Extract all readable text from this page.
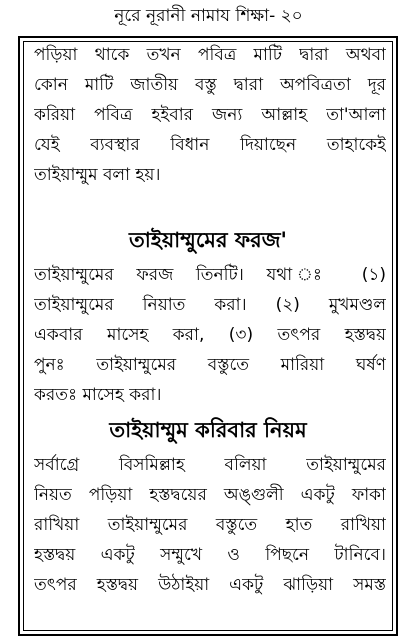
নূরে নূরানী নামায শিক্ষা- ২০
পড়িয়া থাকে তখন পবিত্র মাটি দ্বারা অথবা
কোন মাটি জাতীয় বস্তু দ্বারা অপবিত্রতা দূর
করিয়া পবিত্র হইবার জন্য আল্লাহ তা'আলা
যেই ব্যবস্থার বিধান দিয়াছেন তাহাকেই
তাইয়াম্মুম বলা হয়।
তাইয়াম্মুমের ফরজ'
তাইয়াম্মুমের ফরজ তিনটি। যথা ঃ (১)
তাইয়াম্মুমের নিয়াত করা। (২) মুখমণ্ডল
একবার মাসেহ করা, (৩) তৎপর হস্তদ্বয়
পুনঃ তাইয়াম্মুমের বস্তুতে মারিয়া ঘর্ষণ
করতঃ মাসেহ করা।
তাইয়াম্মুম করিবার নিয়ম
সর্বাগ্রে বিসমিল্লাহ বলিয়া তাইয়াম্মুমের
নিয়ত পড়িয়া হস্তদ্বয়ের অঙ্গুলী একটু ফাকা
রাখিয়া তাইয়াম্মুমের বস্তুতে হাত রাখিয়া
হস্তদ্বয় একটু সম্মুখে ও পিছনে টানিবে।
তৎপর হস্তদ্বয় উঠাইয়া একটু ঝাড়িয়া সমস্ত
